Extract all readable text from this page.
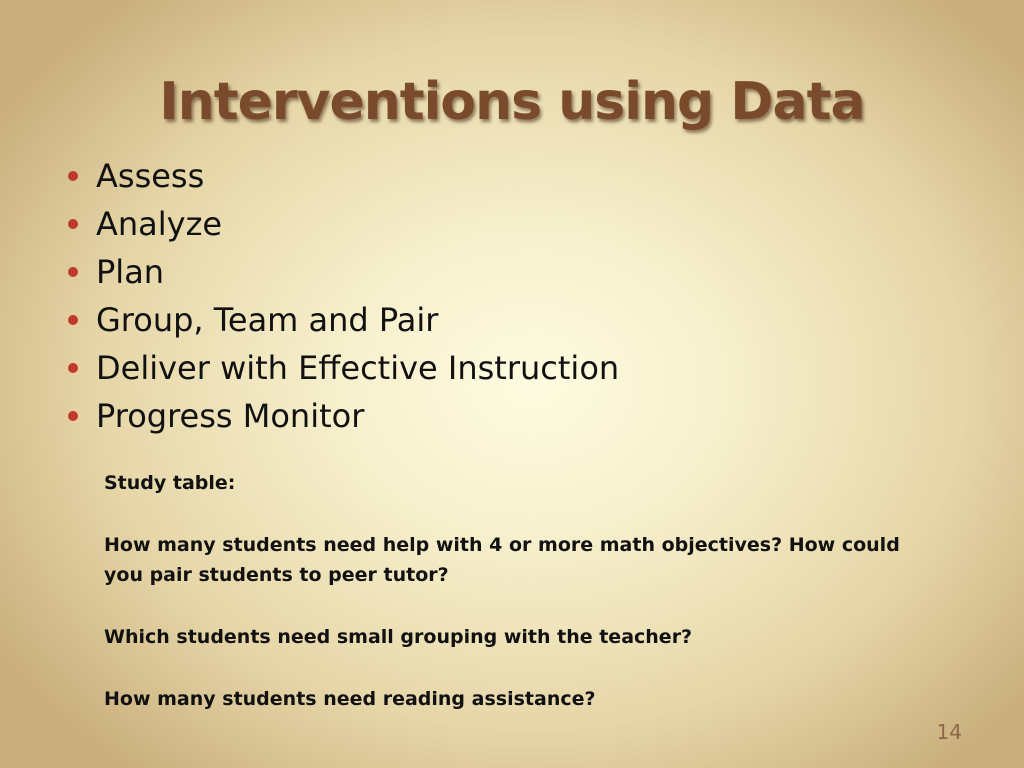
Interventions using Data
Assess
Analyze
Plan
Group, Team and Pair
Deliver with Effective Instruction
Progress Monitor

Study table:

How many students need help with 4 or more math objectives? How could you pair students to peer tutor?

Which students need small grouping with the teacher?

How many students need reading assistance?

14
